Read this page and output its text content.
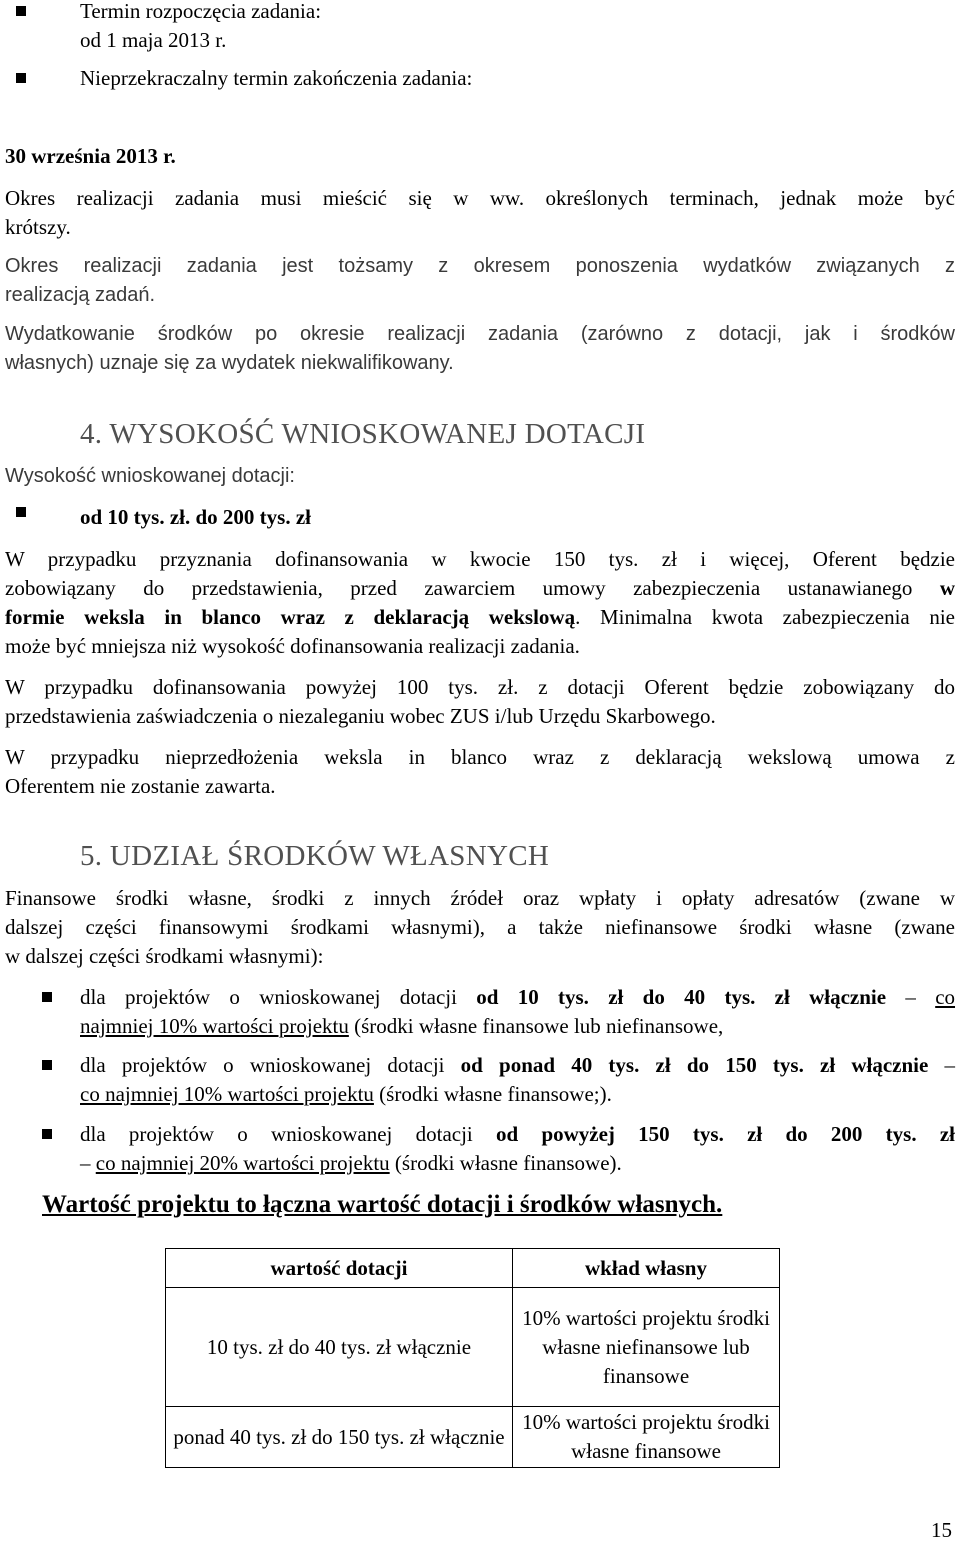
Termin rozpoczęcia zadania:

od 1 maja 2013 r.

Nieprzekraczalny termin zakończenia zadania:

30 września 2013 r.

Okres realizacji zadania musi mieścić się w ww. określonych terminach, jednak może być

krótszy.

Okres realizacji zadania jest tożsamy z okresem ponoszenia wydatków związanych z

realizacją zadań.

Wydatkowanie środków po okresie realizacji zadania (zarówno z dotacji, jak i środków

własnych) uznaje się za wydatek niekwalifikowany.

4. WYSOKOŚĆ WNIOSKOWANEJ DOTACJI

Wysokość wnioskowanej dotacji:

od 10 tys. zł. do 200 tys. zł

W przypadku przyznania dofinansowania w kwocie 150 tys. zł i więcej, Oferent będzie

zobowiązany do przedstawienia, przed zawarciem umowy zabezpieczenia ustanawianego w

formie weksla in blanco wraz z deklaracją wekslową. Minimalna kwota zabezpieczenia nie

może być mniejsza niż wysokość dofinansowania realizacji zadania.

W przypadku dofinansowania powyżej 100 tys. zł. z dotacji Oferent będzie zobowiązany do

przedstawienia zaświadczenia o niezaleganiu wobec ZUS i/lub Urzędu Skarbowego.

W przypadku nieprzedłożenia weksla in blanco wraz z deklaracją wekslową umowa z

Oferentem nie zostanie zawarta.

5. UDZIAŁ ŚRODKÓW WŁASNYCH

Finansowe środki własne, środki z innych źródeł oraz wpłaty i opłaty adresatów (zwane w

dalszej części finansowymi środkami własnymi), a także niefinansowe środki własne (zwane

w dalszej części środkami własnymi):

dla projektów o wnioskowanej dotacji od 10 tys. zł do 40 tys. zł włącznie – co

najmniej 10% wartości projektu (środki własne finansowe lub niefinansowe,

dla projektów o wnioskowanej dotacji od ponad 40 tys. zł do 150 tys. zł włącznie –

co najmniej 10% wartości projektu (środki własne finansowe;).

dla projektów o wnioskowanej dotacji od powyżej 150 tys. zł do 200 tys. zł

– co najmniej 20% wartości projektu (środki własne finansowe).

Wartość projektu to łączna wartość dotacji i środków własnych.

wartość dotacji	wkład własny
10 tys. zł do 40 tys. zł włącznie	10% wartości projektu środki własne niefinansowe lub finansowe
ponad 40 tys. zł do 150 tys. zł włącznie	10% wartości projektu środki własne finansowe
15
